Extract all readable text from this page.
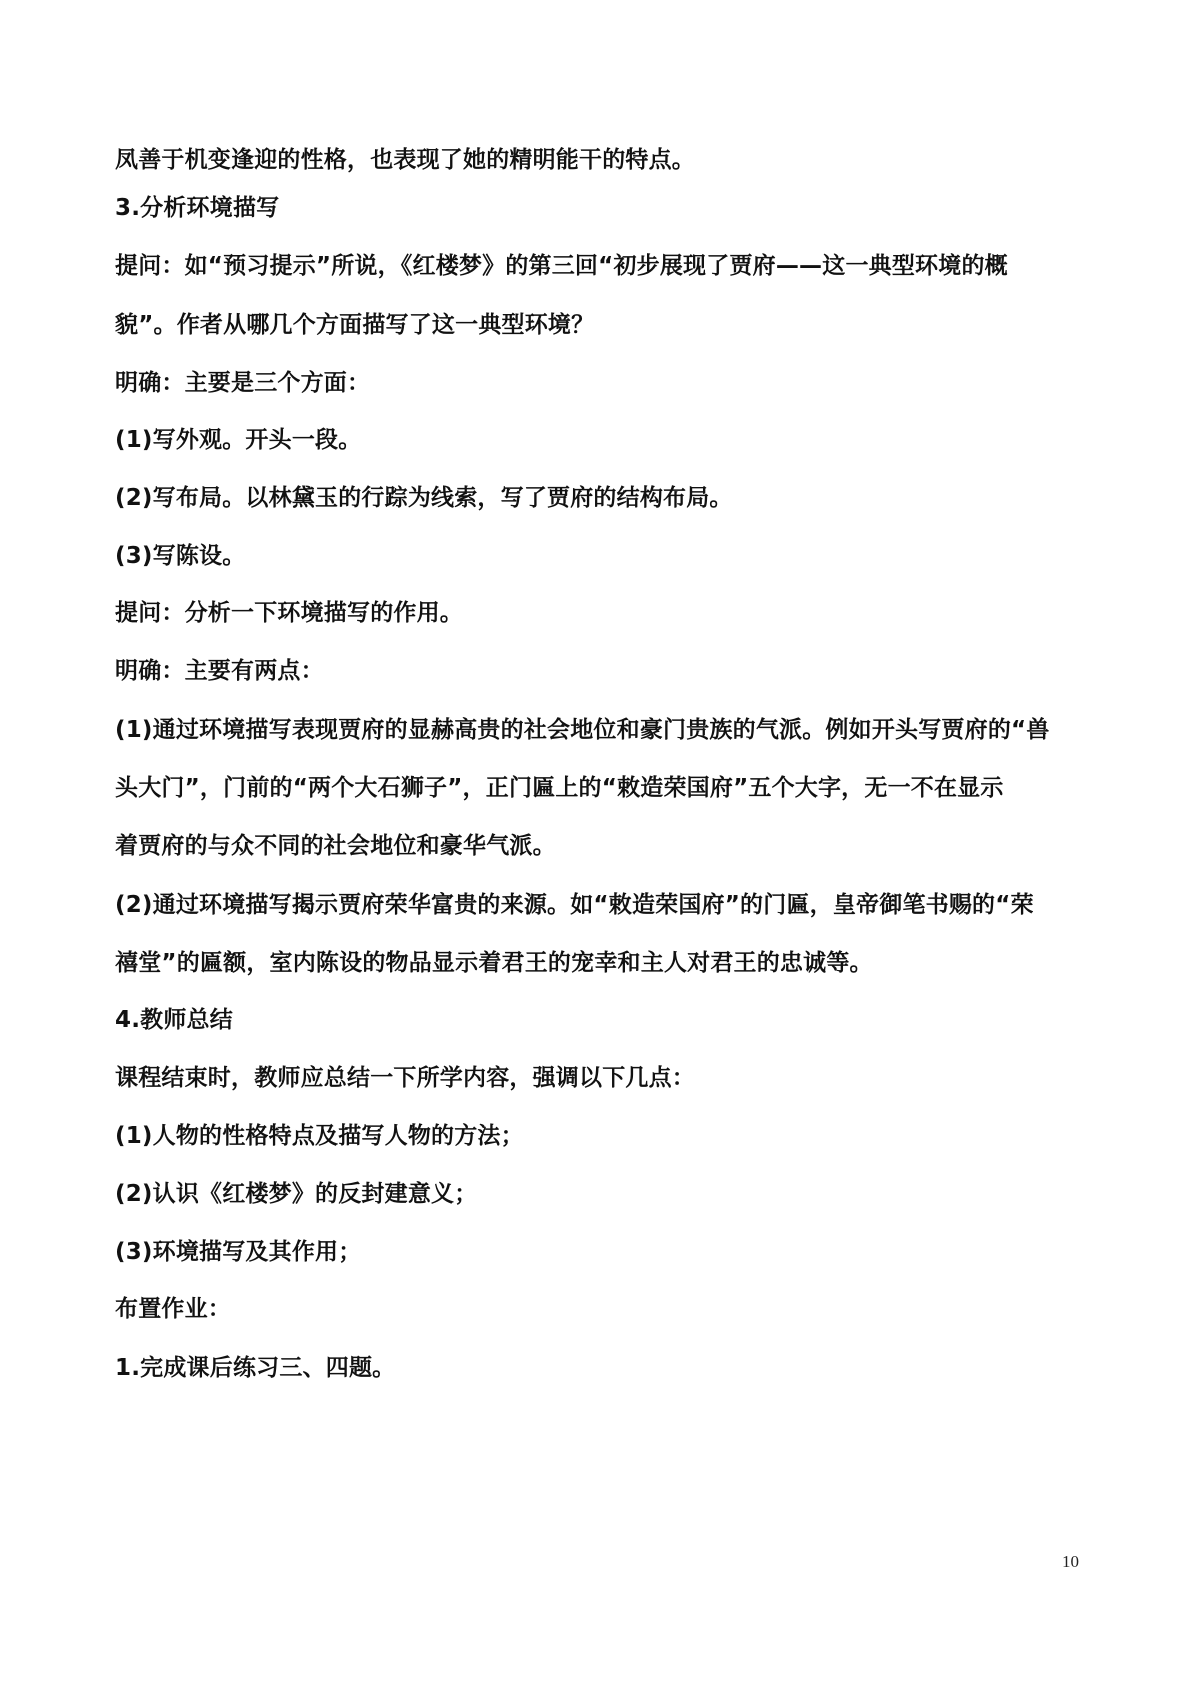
凤善于机变逢迎的性格，也表现了她的精明能干的特点。
3.分析环境描写
提问：如“预习提示”所说，《红楼梦》的第三回“初步展现了贾府——这一典型环境的概
貌”。作者从哪几个方面描写了这一典型环境？
明确：主要是三个方面：
(1)写外观。开头一段。
(2)写布局。以林黛玉的行踪为线索，写了贾府的结构布局。
(3)写陈设。
提问：分析一下环境描写的作用。
明确：主要有两点：
(1)通过环境描写表现贾府的显赫高贵的社会地位和豪门贵族的气派。例如开头写贾府的“兽
头大门”，门前的“两个大石狮子”，正门匾上的“敕造荣国府”五个大字，无一不在显示
着贾府的与众不同的社会地位和豪华气派。
(2)通过环境描写揭示贾府荣华富贵的来源。如“敕造荣国府”的门匾，皇帝御笔书赐的“荣
禧堂”的匾额，室内陈设的物品显示着君王的宠幸和主人对君王的忠诚等。
4.教师总结
课程结束时，教师应总结一下所学内容，强调以下几点：
(1)人物的性格特点及描写人物的方法；
(2)认识《红楼梦》的反封建意义；
(3)环境描写及其作用；
布置作业：
1.完成课后练习三、四题。
10
